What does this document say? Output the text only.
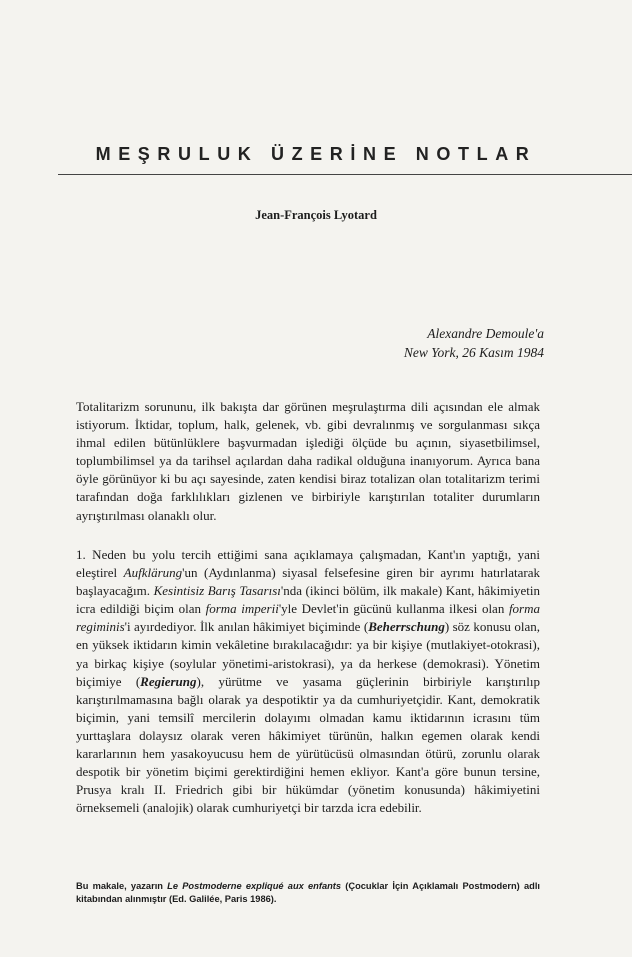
MEŞRULUK ÜZERİNE NOTLAR
Jean-François Lyotard
Alexandre Demoule'a
New York, 26 Kasım 1984

Totalitarizm sorununu, ilk bakışta dar görünen meşrulaştırma dili açısından ele almak istiyorum. İktidar, toplum, halk, gelenek, vb. gibi devralınmış ve sorgulanması sıkça ihmal edilen bütünlüklere başvurmadan işlediği ölçüde bu açının, siyasetbilimsel, toplumbilimsel ya da tarihsel açılardan daha radikal olduğuna inanıyorum. Ayrıca bana öyle görünüyor ki bu açı sayesinde, zaten kendisi biraz totalizan olan totalitarizm terimi tarafından doğa farklılıkları gizlenen ve birbiriyle karıştırılan totaliter durumların ayrıştırılması olanaklı olur.

1. Neden bu yolu tercih ettiğimi sana açıklamaya çalışmadan, Kant'ın yaptığı, yani eleştirel Aufklärung'un (Aydınlanma) siyasal felsefesine giren bir ayrımı hatırlatarak başlayacağım. Kesintisiz Barış Tasarısı'nda (ikinci bölüm, ilk makale) Kant, hâkimiyetin icra edildiği biçim olan forma imperii'yle Devlet'in gücünü kullanma ilkesi olan forma regiminis'i ayırdediyor. İlk anılan hâkimiyet biçiminde (Beherrschung) söz konusu olan, en yüksek iktidarın kimin vekâletine bırakılacağıdır: ya bir kişiye (mutlakiyet-otokrasi), ya birkaç kişiye (soylular yönetimi-aristokrasi), ya da herkese (demokrasi). Yönetim biçimiye (Regierung), yürütme ve yasama güçlerinin birbiriyle karıştırılıp karıştırılmamasına bağlı olarak ya despotiktir ya da cumhuriyetçidir. Kant, demokratik biçimin, yani temsilî mercilerin dolayımı olmadan kamu iktidarının icrasını tüm yurttaşlara dolaysız olarak veren hâkimiyet türünün, halkın egemen olarak kendi kararlarının hem yasakoyucusu hem de yürütücüsü olmasından ötürü, zorunlu olarak despotik bir yönetim biçimi gerektirdiğini hemen ekliyor. Kant'a göre bunun tersine, Prusya kralı II. Friedrich gibi bir hükümdar (yönetim konusunda) hâkimiyetini örneksemeli (analojik) olarak cumhuriyetçi bir tarzda icra edebilir.

Bu makale, yazarın Le Postmoderne expliqué aux enfants (Çocuklar İçin Açıklamalı Postmodern) adlı kitabından alınmıştır (Ed. Galilée, Paris 1986).
